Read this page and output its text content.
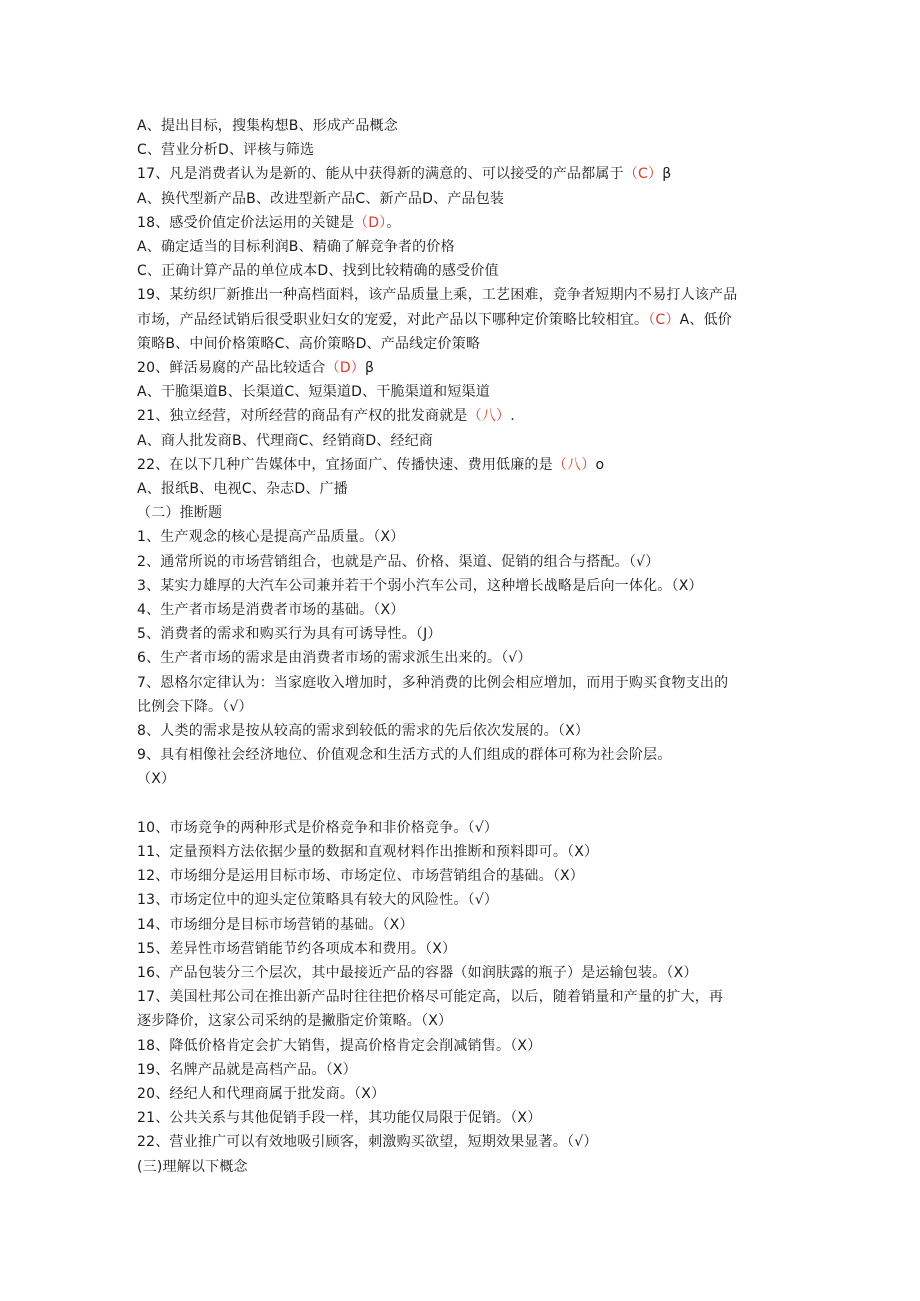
A、提出目标，搜集构想B、形成产品概念
C、营业分析D、评核与筛选
17、凡是消费者认为是新的、能从中获得新的满意的、可以接受的产品都属于（C）β
A、换代型新产品B、改进型新产品C、新产品D、产品包装
18、感受价值定价法运用的关键是（D）。
A、确定适当的目标利润B、精确了解竞争者的价格
C、正确计算产品的单位成本D、找到比较精确的感受价值
19、某纺织厂新推出一种高档面料，该产品质量上乘，工艺困难，竞争者短期内不易打人该产品
市场，产品经试销后很受职业妇女的宠爱，对此产品以下哪种定价策略比较相宜。（C）A、低价
策略B、中间价格策略C、高价策略D、产品线定价策略
20、鲜活易腐的产品比较适合（D）β
A、干脆渠道B、长渠道C、短渠道D、干脆渠道和短渠道
21、独立经营，对所经营的商品有产权的批发商就是（八）.
A、商人批发商B、代理商C、经销商D、经纪商
22、在以下几种广告媒体中，宜扬面广、传播快速、费用低廉的是（八）o
A、报纸B、电视C、杂志D、广播
（二）推断题
1、生产观念的核心是提高产品质量。（X）
2、通常所说的市场营销组合，也就是产品、价格、渠道、促销的组合与搭配。（√）
3、某实力雄厚的大汽车公司兼并若干个弱小汽车公司，这种增长战略是后向一体化。（X）
4、生产者市场是消费者市场的基础。（X）
5、消费者的需求和购买行为具有可诱导性。（J）
6、生产者市场的需求是由消费者市场的需求派生出来的。（√）
7、恩格尔定律认为：当家庭收入增加时，多种消费的比例会相应增加，而用于购买食物支出的
比例会下降。（√）
8、人类的需求是按从较高的需求到较低的需求的先后依次发展的。（X）
9、具有相像社会经济地位、价值观念和生活方式的人们组成的群体可称为社会阶层。
（X）
10、市场竞争的两种形式是价格竞争和非价格竞争。（√）
11、定量预料方法依据少量的数据和直观材料作出推断和预料即可。（X）
12、市场细分是运用目标市场、市场定位、市场营销组合的基础。（X）
13、市场定位中的迎头定位策略具有较大的风险性。（√）
14、市场细分是目标市场营销的基础。（X）
15、差异性市场营销能节约各项成本和费用。（X）
16、产品包装分三个层次，其中最接近产品的容器（如润肤露的瓶子）是运输包装。（X）
17、美国杜邦公司在推出新产品时往往把价格尽可能定高，以后，随着销量和产量的扩大，再
逐步降价，这家公司采纳的是撇脂定价策略。（X）
18、降低价格肯定会扩大销售，提高价格肯定会削减销售。（X）
19、名牌产品就是高档产品。（X）
20、经纪人和代理商属于批发商。（X）
21、公共关系与其他促销手段一样，其功能仅局限于促销。（X）
22、营业推广可以有效地吸引顾客，刺激购买欲望，短期效果显著。（√）
(三)理解以下概念
